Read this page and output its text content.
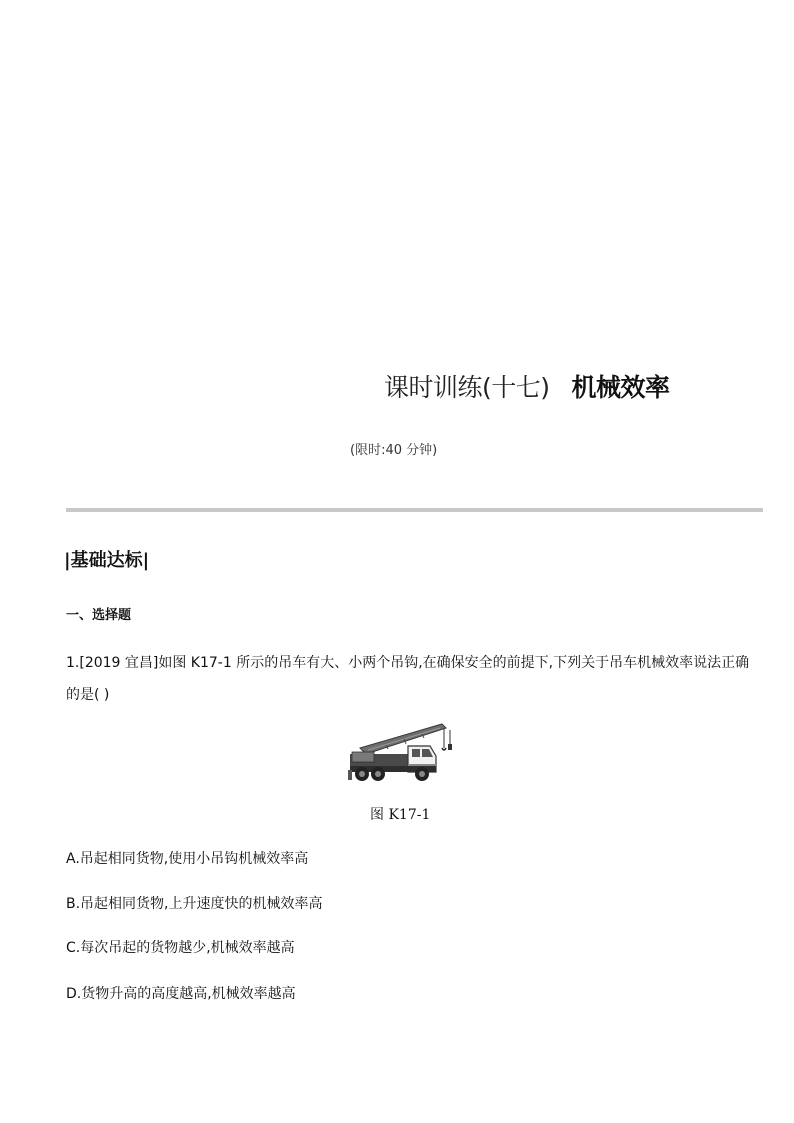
课时训练(十七) 机械效率
(限时:40 分钟)
|基础达标|
一、选择题
1.[2019 宜昌]如图 K17-1 所示的吊车有大、小两个吊钩,在确保安全的前提下,下列关于吊车机械效率说法正确
的是( )
图 K17-1
A.吊起相同货物,使用小吊钩机械效率高
B.吊起相同货物,上升速度快的机械效率高
C.每次吊起的货物越少,机械效率越高
D.货物升高的高度越高,机械效率越高
